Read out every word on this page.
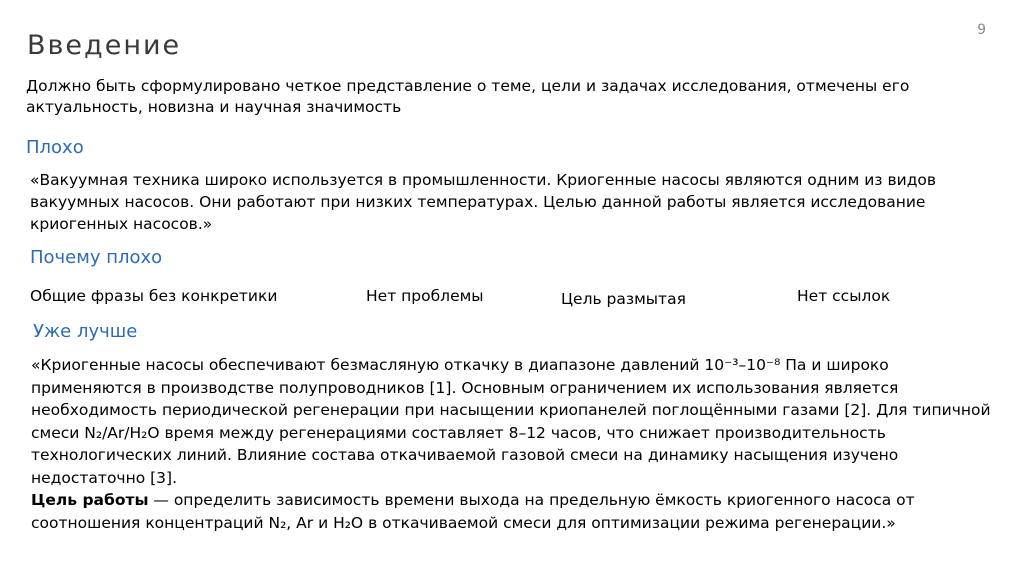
9
Введение
Должно быть сформулировано четкое представление о теме, цели и задачах исследования, отмечены его актуальность, новизна и научная значимость
Плохо
«Вакуумная техника широко используется в промышленности. Криогенные насосы являются одним из видов вакуумных насосов. Они работают при низких температурах. Целью данной работы является исследование криогенных насосов.»
Почему плохо
Общие фразы без конкретики	Нет проблемы	Цель размытая	Нет ссылок
Уже лучше

«Криогенные насосы обеспечивают безмасляную откачку в диапазоне давлений 10⁻³–10⁻⁸ Па и широко применяются в производстве полупроводников [1]. Основным ограничением их использования является необходимость периодической регенерации при насыщении криопанелей поглощёнными газами [2]. Для типичной смеси N₂/Ar/H₂O время между регенерациями составляет 8–12 часов, что снижает производительность технологических линий. Влияние состава откачиваемой газовой смеси на динамику насыщения изучено недостаточно [3].

Цель работы — определить зависимость времени выхода на предельную ёмкость криогенного насоса от соотношения концентраций N₂, Ar и H₂O в откачиваемой смеси для оптимизации режима регенерации.»
